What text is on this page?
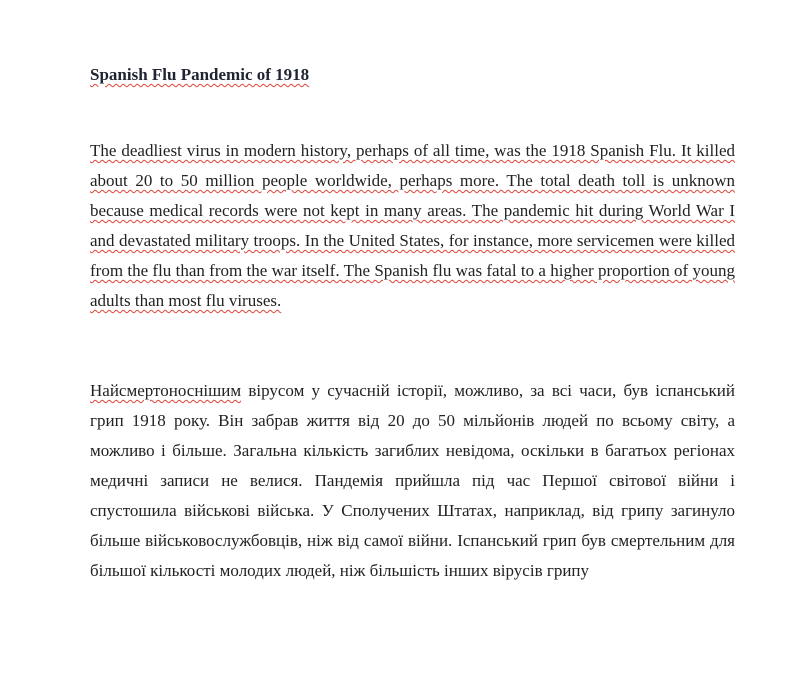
Spanish Flu Pandemic of 1918

The deadliest virus in modern history, perhaps of all time, was the 1918 Spanish Flu. It killed about 20 to 50 million people worldwide, perhaps more. The total death toll is unknown because medical records were not kept in many areas. The pandemic hit during World War I and devastated military troops. In the United States, for instance, more servicemen were killed from the flu than from the war itself. The Spanish flu was fatal to a higher proportion of young adults than most flu viruses.

Найсмертоноснішим вірусом у сучасній історії, можливо, за всі часи, був іспанський грип 1918 року. Він забрав життя від 20 до 50 мільйонів людей по всьому світу, а можливо і більше. Загальна кількість загиблих невідома, оскільки в багатьох регіонах медичні записи не велися. Пандемія прийшла під час Першої світової війни і спустошила військові війська. У Сполучених Штатах, наприклад, від грипу загинуло більше військовослужбовців, ніж від самої війни. Іспанський грип був смертельним для більшої кількості молодих людей, ніж більшість інших вірусів грипу
